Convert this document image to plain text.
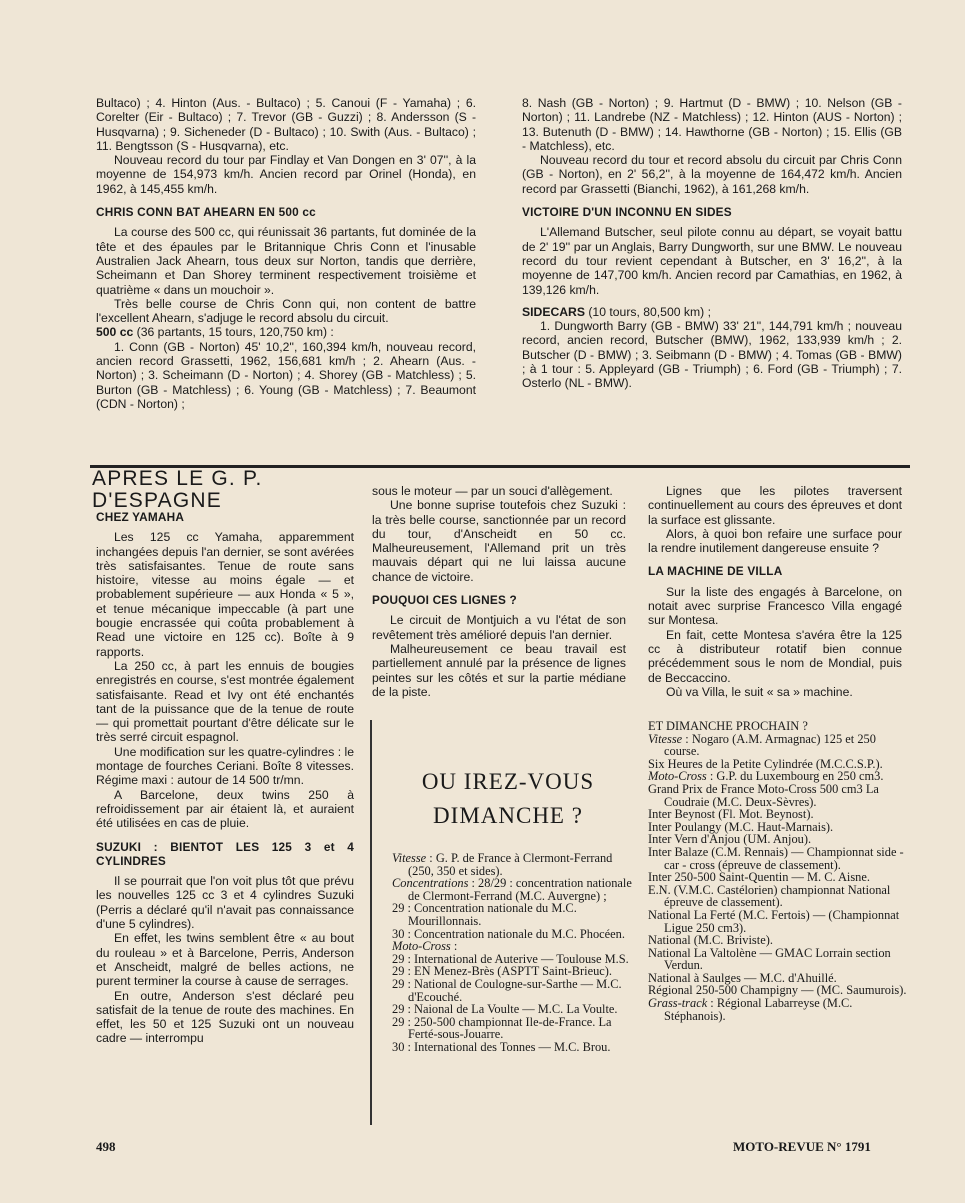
Bultaco) ; 4. Hinton (Aus. - Bultaco) ; 5. Canoui (F - Yamaha) ; 6. Corelter (Eir - Bultaco) ; 7. Trevor (GB - Guzzi) ; 8. Andersson (S - Husqvarna) ; 9. Sicheneder (D - Bultaco) ; 10. Swith (Aus. - Bultaco) ; 11. Bengtsson (S - Husqvarna), etc.

Nouveau record du tour par Findlay et Van Dongen en 3' 07'', à la moyenne de 154,973 km/h. Ancien record par Orinel (Honda), en 1962, à 145,455 km/h.

CHRIS CONN BAT AHEARN EN 500 cc

La course des 500 cc, qui réunissait 36 partants, fut dominée de la tête et des épaules par le Britannique Chris Conn et l'inusable Australien Jack Ahearn, tous deux sur Norton, tandis que derrière, Scheimann et Dan Shorey terminent respectivement troisième et quatrième « dans un mouchoir ».

Très belle course de Chris Conn qui, non content de battre l'excellent Ahearn, s'adjuge le record absolu du circuit.

500 cc (36 partants, 15 tours, 120,750 km) :

1. Conn (GB - Norton) 45' 10,2'', 160,394 km/h, nouveau record, ancien record Grassetti, 1962, 156,681 km/h ; 2. Ahearn (Aus. - Norton) ; 3. Scheimann (D - Norton) ; 4. Shorey (GB - Matchless) ; 5. Burton (GB - Matchless) ; 6. Young (GB - Matchless) ; 7. Beaumont (CDN - Norton) ;

8. Nash (GB - Norton) ; 9. Hartmut (D - BMW) ; 10. Nelson (GB - Norton) ; 11. Landrebe (NZ - Matchless) ; 12. Hinton (AUS - Norton) ; 13. Butenuth (D - BMW) ; 14. Hawthorne (GB - Norton) ; 15. Ellis (GB - Matchless), etc.

Nouveau record du tour et record absolu du circuit par Chris Conn (GB - Norton), en 2' 56,2'', à la moyenne de 164,472 km/h. Ancien record par Grassetti (Bianchi, 1962), à 161,268 km/h.

VICTOIRE D'UN INCONNU EN SIDES

L'Allemand Butscher, seul pilote connu au départ, se voyait battu de 2' 19'' par un Anglais, Barry Dungworth, sur une BMW. Le nouveau record du tour revient cependant à Butscher, en 3' 16,2'', à la moyenne de 147,700 km/h. Ancien record par Camathias, en 1962, à 139,126 km/h.

SIDECARS (10 tours, 80,500 km) ;

1. Dungworth Barry (GB - BMW) 33' 21'', 144,791 km/h ; nouveau record, ancien record, Butscher (BMW), 1962, 133,939 km/h ; 2. Butscher (D - BMW) ; 3. Seibmann (D - BMW) ; 4. Tomas (GB - BMW) ; à 1 tour : 5. Appleyard (GB - Triumph) ; 6. Ford (GB - Triumph) ; 7. Osterlo (NL - BMW).

APRES LE G. P. D'ESPAGNE
CHEZ YAMAHA

Les 125 cc Yamaha, apparemment inchangées depuis l'an dernier, se sont avérées très satisfaisantes. Tenue de route sans histoire, vitesse au moins égale — et probablement supérieure — aux Honda « 5 », et tenue mécanique impeccable (à part une bougie encrassée qui coûta probablement à Read une victoire en 125 cc). Boîte à 9 rapports.

La 250 cc, à part les ennuis de bougies enregistrés en course, s'est montrée également satisfaisante. Read et Ivy ont été enchantés tant de la puissance que de la tenue de route — qui promettait pourtant d'être délicate sur le très serré circuit espagnol.

Une modification sur les quatre-cylindres : le montage de fourches Ceriani. Boîte 8 vitesses. Régime maxi : autour de 14 500 tr/mn.

A Barcelone, deux twins 250 à refroidissement par air étaient là, et auraient été utilisées en cas de pluie.

SUZUKI : BIENTOT LES 125 3 et 4 CYLINDRES

Il se pourrait que l'on voit plus tôt que prévu les nouvelles 125 cc 3 et 4 cylindres Suzuki (Perris a déclaré qu'il n'avait pas connaissance d'une 5 cylindres).

En effet, les twins semblent être « au bout du rouleau » et à Barcelone, Perris, Anderson et Anscheidt, malgré de belles actions, ne purent terminer la course à cause de serrages.

En outre, Anderson s'est déclaré peu satisfait de la tenue de route des machines. En effet, les 50 et 125 Suzuki ont un nouveau cadre — interrompu

sous le moteur — par un souci d'allègement.

Une bonne suprise toutefois chez Suzuki : la très belle course, sanctionnée par un record du tour, d'Anscheidt en 50 cc. Malheureusement, l'Allemand prit un très mauvais départ qui ne lui laissa aucune chance de victoire.

POUQUOI CES LIGNES ?

Le circuit de Montjuich a vu l'état de son revêtement très amélioré depuis l'an dernier.

Malheureusement ce beau travail est partiellement annulé par la présence de lignes peintes sur les côtés et sur la partie médiane de la piste.

Lignes que les pilotes traversent continuellement au cours des épreuves et dont la surface est glissante.

Alors, à quoi bon refaire une surface pour la rendre inutilement dangereuse ensuite ?

LA MACHINE DE VILLA

Sur la liste des engagés à Barcelone, on notait avec surprise Francesco Villa engagé sur Montesa.

En fait, cette Montesa s'avéra être la 125 cc à distributeur rotatif bien connue précédemment sous le nom de Mondial, puis de Beccaccino.

Où va Villa, le suit « sa » machine.

OU IREZ-VOUS DIMANCHE ?
Vitesse : G. P. de France à Clermont-Ferrand (250, 350 et sides).
Concentrations : 28/29 : concentration nationale de Clermont-Ferrand (M.C. Auvergne) ;
29 : Concentration nationale du M.C. Mourillonnais.
30 : Concentration nationale du M.C. Phocéen.
Moto-Cross :
29 : International de Auterive — Toulouse M.S.
29 : EN Menez-Brès (ASPTT Saint-Brieuc).
29 : National de Coulogne-sur-Sarthe — M.C. d'Ecouché.
29 : Naional de La Voulte — M.C. La Voulte.
29 : 250-500 championnat Ile-de-France. La Ferté-sous-Jouarre.
30 : International des Tonnes — M.C. Brou.
ET DIMANCHE PROCHAIN ?
Vitesse : Nogaro (A.M. Armagnac) 125 et 250 course.
Six Heures de la Petite Cylindrée (M.C.C.S.P.).
Moto-Cross : G.P. du Luxembourg en 250 cm3.
Grand Prix de France Moto-Cross 500 cm3 La Coudraie (M.C. Deux-Sèvres).
Inter Beynost (Fl. Mot. Beynost).
Inter Poulangy (M.C. Haut-Marnais).
Inter Vern d'Anjou (UM. Anjou).
Inter Balaze (C.M. Rennais) — Championnat side - car - cross (épreuve de classement).
Inter 250-500 Saint-Quentin — M. C. Aisne.
E.N. (V.M.C. Castélorien) championnat National épreuve de classement).
National La Ferté (M.C. Fertois) — (Championnat Ligue 250 cm3).
National (M.C. Briviste).
National La Valtolène — GMAC Lorrain section Verdun.
National à Saulges — M.C. d'Ahuillé.
Régional 250-500 Champigny — (MC. Saumurois).
Grass-track : Régional Labarreyse (M.C. Stéphanois).
498	MOTO-REVUE N° 1791
